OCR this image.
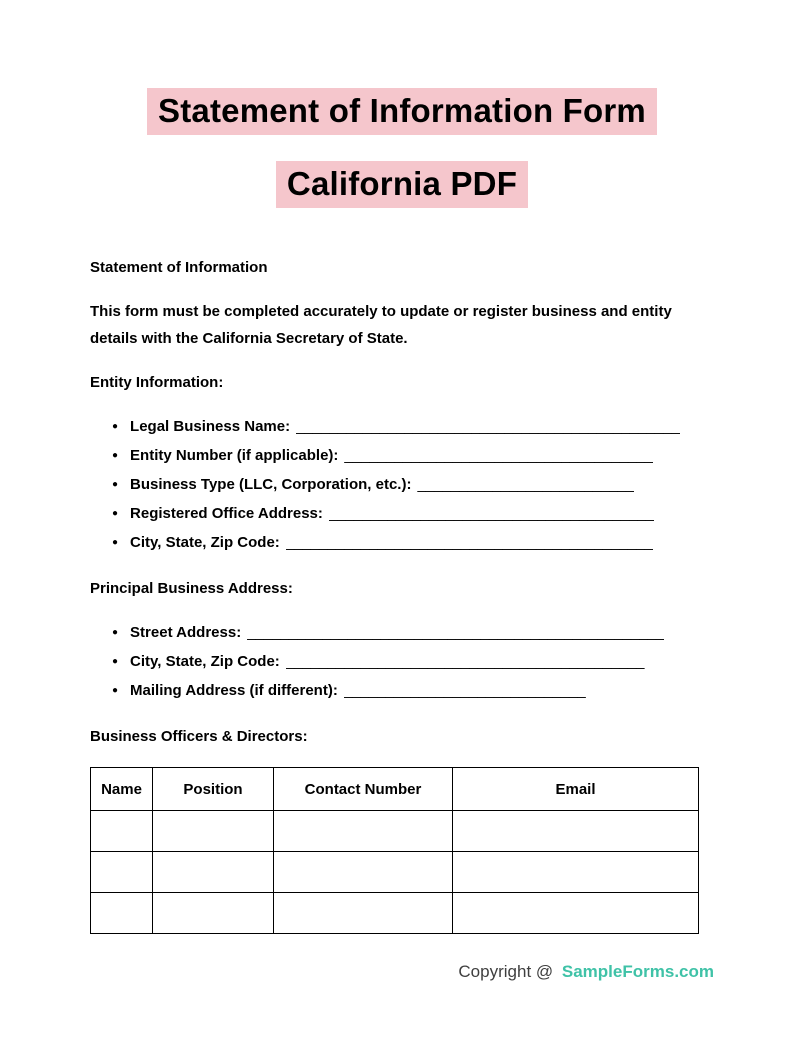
Statement of Information Form
California PDF

Statement of Information

This form must be completed accurately to update or register business and entity details with the California Secretary of State.

Entity Information:

● Legal Business Name: ______________________________________________
● Entity Number (if applicable): _____________________________________
● Business Type (LLC, Corporation, etc.): __________________________
● Registered Office Address: _______________________________________
● City, State, Zip Code: ____________________________________________

Principal Business Address:

● Street Address: __________________________________________________
● City, State, Zip Code: ___________________________________________
● Mailing Address (if different): _____________________________

Business Officers & Directors:

Name	Position	Contact Number	Email

Copyright @ SampleForms.com
